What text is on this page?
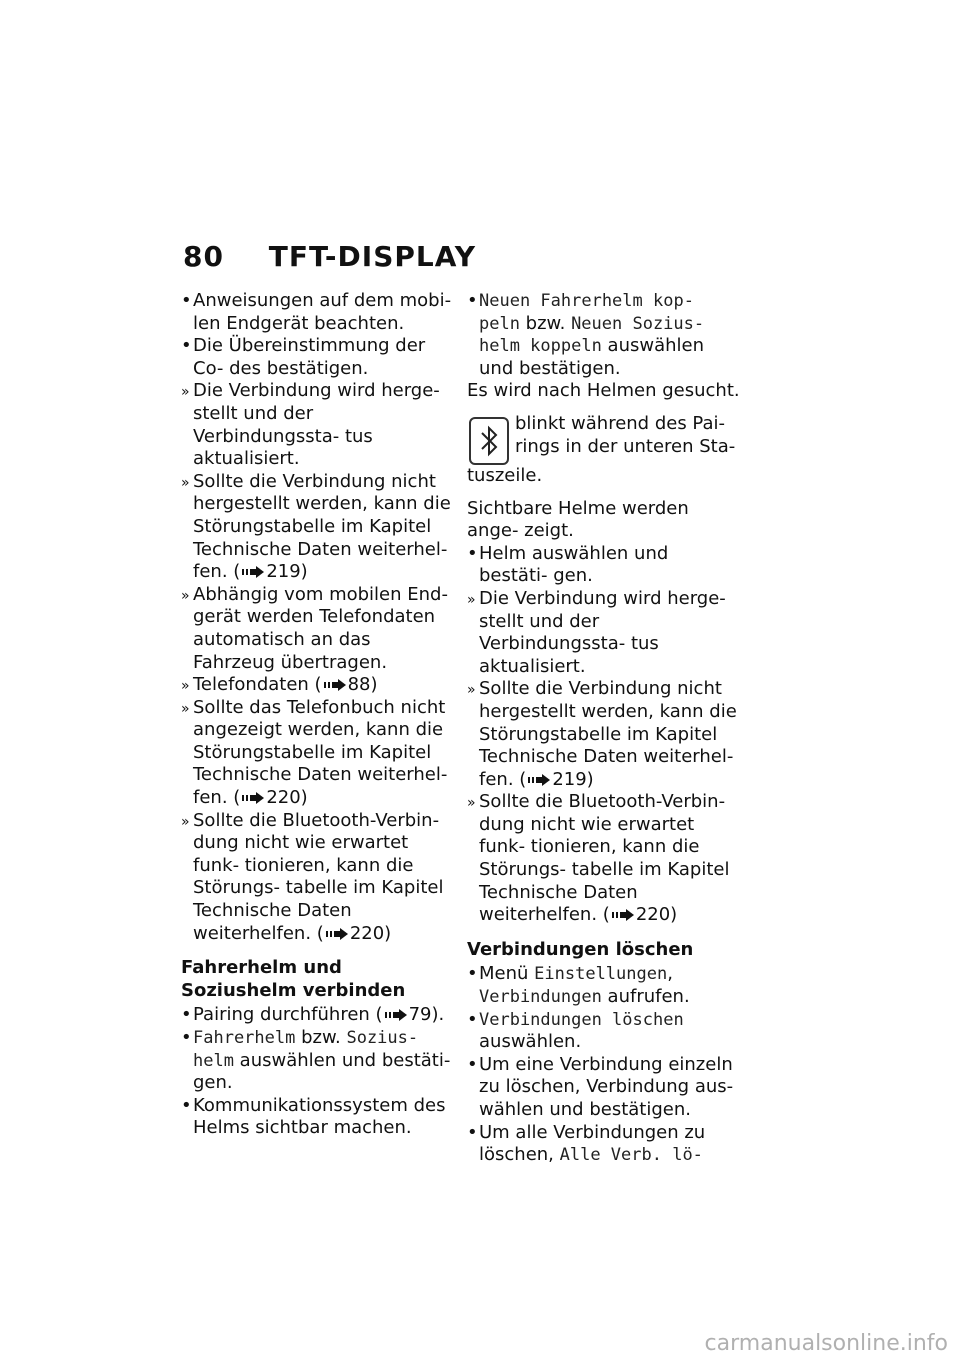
80 TFT-DISPLAY
• Anweisungen auf dem mobi- len Endgerät beachten.
• Die Übereinstimmung der Co- des bestätigen.
» Die Verbindung wird herge- stellt und der Verbindungssta- tus aktualisiert.
» Sollte die Verbindung nicht hergestellt werden, kann die Störungstabelle im Kapitel Technische Daten weiterhel- fen. ( 219)
» Abhängig vom mobilen End- gerät werden Telefondaten automatisch an das Fahrzeug übertragen.
» Telefondaten ( 88)
» Sollte das Telefonbuch nicht angezeigt werden, kann die Störungstabelle im Kapitel Technische Daten weiterhel- fen. ( 220)
» Sollte die Bluetooth-Verbin- dung nicht wie erwartet funk- tionieren, kann die Störungs- tabelle im Kapitel Technische Daten weiterhelfen. ( 220)
Fahrerhelm und Soziushelm verbinden
• Pairing durchführen ( 79).
• Fahrerhelm bzw. Sozius- helm auswählen und bestäti- gen.
• Kommunikationssystem des Helms sichtbar machen.
• Neuen Fahrerhelm kop- peln bzw. Neuen Sozius- helm koppeln auswählen und bestätigen.
Es wird nach Helmen gesucht.
blinkt während des Pai- rings in der unteren Sta-
tuszeile.
Sichtbare Helme werden ange- zeigt.
• Helm auswählen und bestäti- gen.
» Die Verbindung wird herge- stellt und der Verbindungssta- tus aktualisiert.
» Sollte die Verbindung nicht hergestellt werden, kann die Störungstabelle im Kapitel Technische Daten weiterhel- fen. ( 219)
» Sollte die Bluetooth-Verbin- dung nicht wie erwartet funk- tionieren, kann die Störungs- tabelle im Kapitel Technische Daten weiterhelfen. ( 220)
Verbindungen löschen
• Menü Einstellungen, Verbindungen aufrufen.
• Verbindungen löschen auswählen.
• Um eine Verbindung einzeln zu löschen, Verbindung aus- wählen und bestätigen.
• Um alle Verbindungen zu löschen, Alle Verb. lö-
carmanualsonline.info
